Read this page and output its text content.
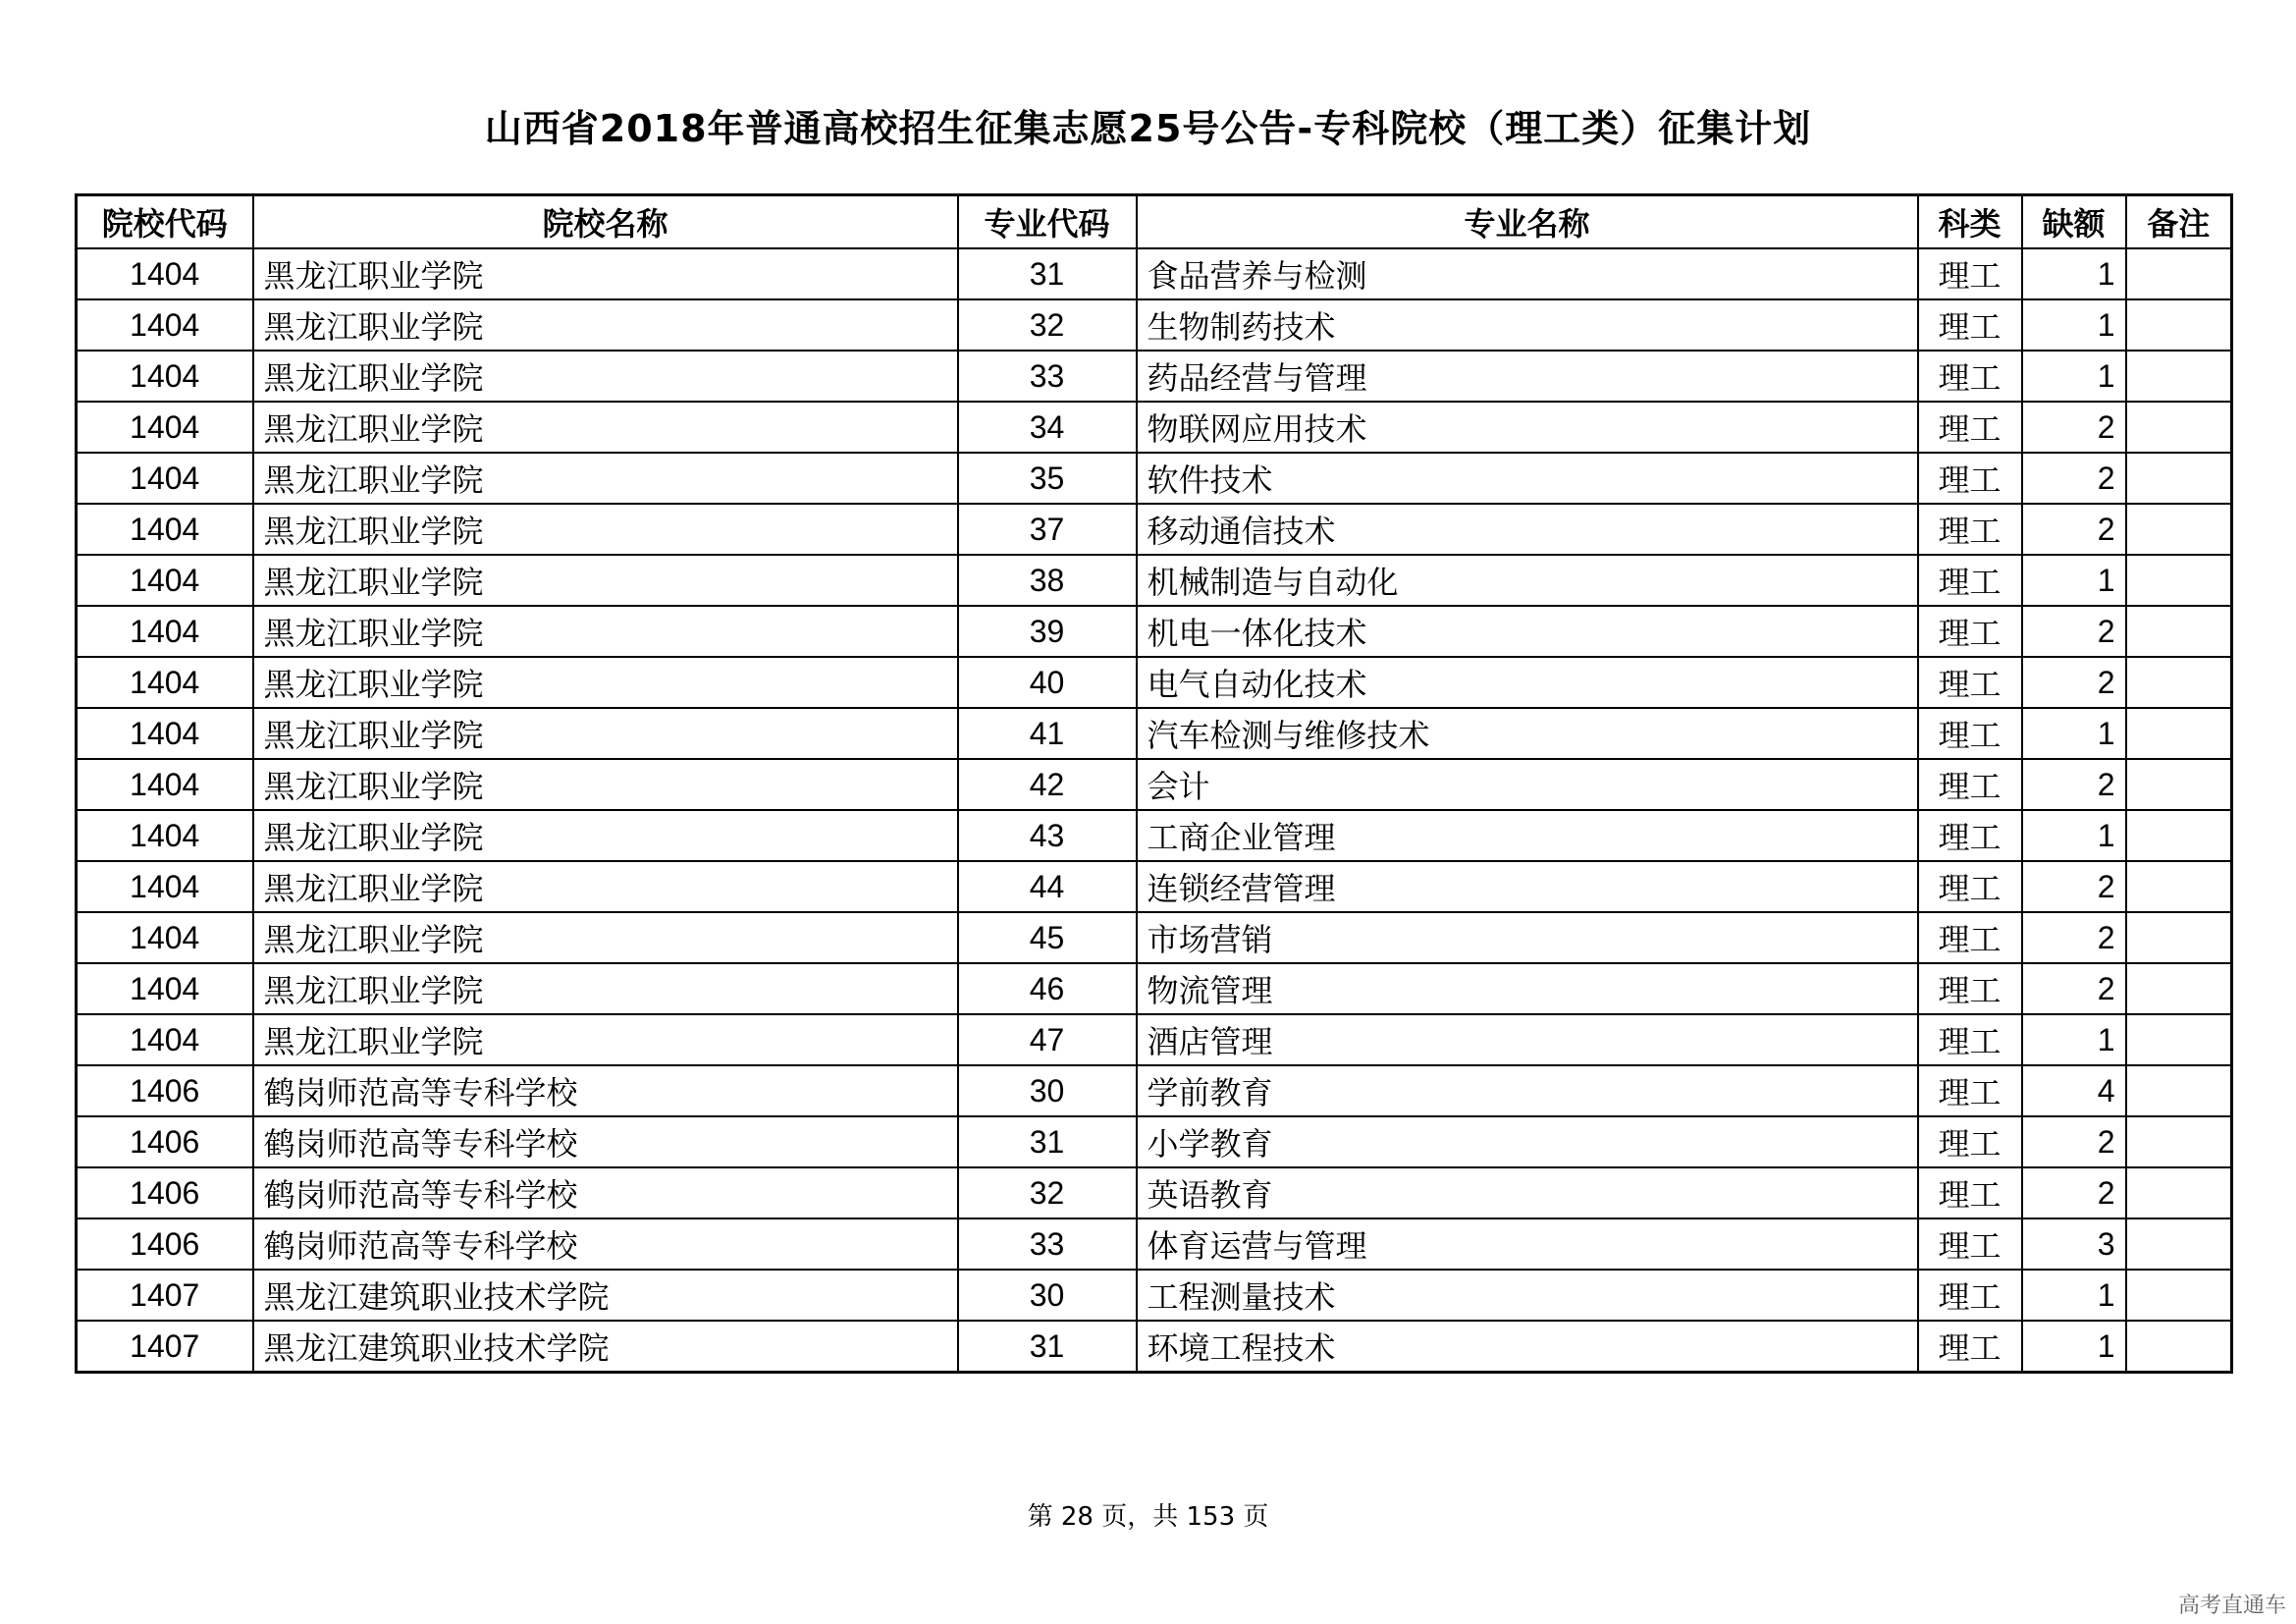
山西省2018年普通高校招生征集志愿25号公告-专科院校（理工类）征集计划
院校代码	院校名称	专业代码	专业名称	科类	缺额	备注
1404	黑龙江职业学院	31	食品营养与检测	理工	1	
1404	黑龙江职业学院	32	生物制药技术	理工	1	
1404	黑龙江职业学院	33	药品经营与管理	理工	1	
1404	黑龙江职业学院	34	物联网应用技术	理工	2	
1404	黑龙江职业学院	35	软件技术	理工	2	
1404	黑龙江职业学院	37	移动通信技术	理工	2	
1404	黑龙江职业学院	38	机械制造与自动化	理工	1	
1404	黑龙江职业学院	39	机电一体化技术	理工	2	
1404	黑龙江职业学院	40	电气自动化技术	理工	2	
1404	黑龙江职业学院	41	汽车检测与维修技术	理工	1	
1404	黑龙江职业学院	42	会计	理工	2	
1404	黑龙江职业学院	43	工商企业管理	理工	1	
1404	黑龙江职业学院	44	连锁经营管理	理工	2	
1404	黑龙江职业学院	45	市场营销	理工	2	
1404	黑龙江职业学院	46	物流管理	理工	2	
1404	黑龙江职业学院	47	酒店管理	理工	1	
1406	鹤岗师范高等专科学校	30	学前教育	理工	4	
1406	鹤岗师范高等专科学校	31	小学教育	理工	2	
1406	鹤岗师范高等专科学校	32	英语教育	理工	2	
1406	鹤岗师范高等专科学校	33	体育运营与管理	理工	3	
1407	黑龙江建筑职业技术学院	30	工程测量技术	理工	1	
1407	黑龙江建筑职业技术学院	31	环境工程技术	理工	1	
第 28 页，共 153 页
高考直通车
